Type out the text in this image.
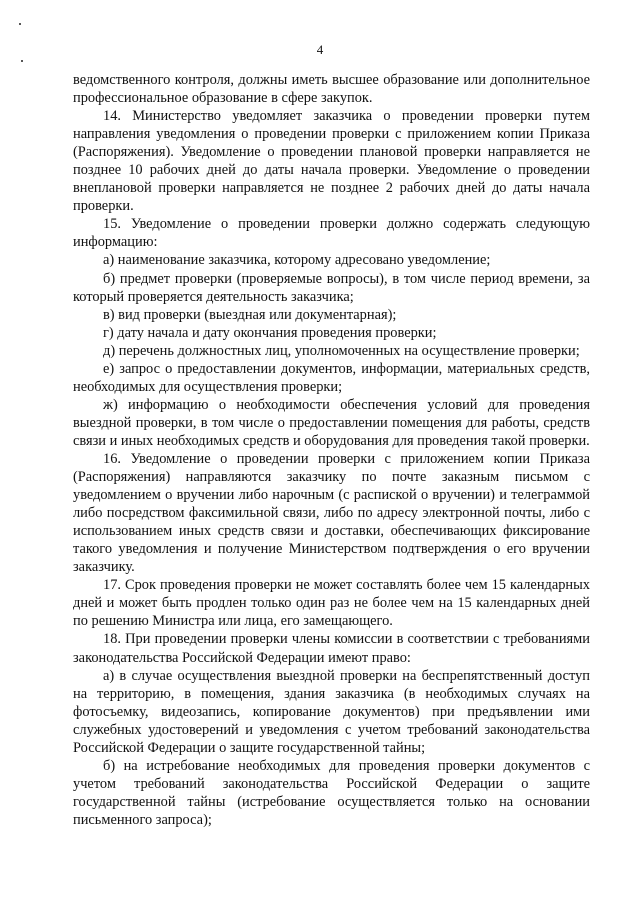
4

ведомственного контроля, должны иметь высшее образование или дополнительное профессиональное образование в сфере закупок.

14. Министерство уведомляет заказчика о проведении проверки путем направления уведомления о проведении проверки с приложением копии Приказа (Распоряжения). Уведомление о проведении плановой проверки направляется не позднее 10 рабочих дней до даты начала проверки. Уведомление о проведении внеплановой проверки направляется не позднее 2 рабочих дней до даты начала проверки.

15. Уведомление о проведении проверки должно содержать следующую информацию:

а) наименование заказчика, которому адресовано уведомление;

б) предмет проверки (проверяемые вопросы), в том числе период времени, за который проверяется деятельность заказчика;

в) вид проверки (выездная или документарная);

г) дату начала и дату окончания проведения проверки;

д) перечень должностных лиц, уполномоченных на осуществление проверки;

е) запрос о предоставлении документов, информации, материальных средств, необходимых для осуществления проверки;

ж) информацию о необходимости обеспечения условий для проведения выездной проверки, в том числе о предоставлении помещения для работы, средств связи и иных необходимых средств и оборудования для проведения такой проверки.

16. Уведомление о проведении проверки с приложением копии Приказа (Распоряжения) направляются заказчику по почте заказным письмом с уведомлением о вручении либо нарочным (с распиской о вручении) и телеграммой либо посредством факсимильной связи, либо по адресу электронной почты, либо с использованием иных средств связи и доставки, обеспечивающих фиксирование такого уведомления и получение Министерством подтверждения о его вручении заказчику.

17. Срок проведения проверки не может составлять более чем 15 календарных дней и может быть продлен только один раз не более чем на 15 календарных дней по решению Министра или лица, его замещающего.

18. При проведении проверки члены комиссии в соответствии с требованиями законодательства Российской Федерации имеют право:

а) в случае осуществления выездной проверки на беспрепятственный доступ на территорию, в помещения, здания заказчика (в необходимых случаях на фотосъемку, видеозапись, копирование документов) при предъявлении ими служебных удостоверений и уведомления с учетом требований законодательства Российской Федерации о защите государственной тайны;

б) на истребование необходимых для проведения проверки документов с учетом требований законодательства Российской Федерации о защите государственной тайны (истребование осуществляется только на основании письменного запроса);
